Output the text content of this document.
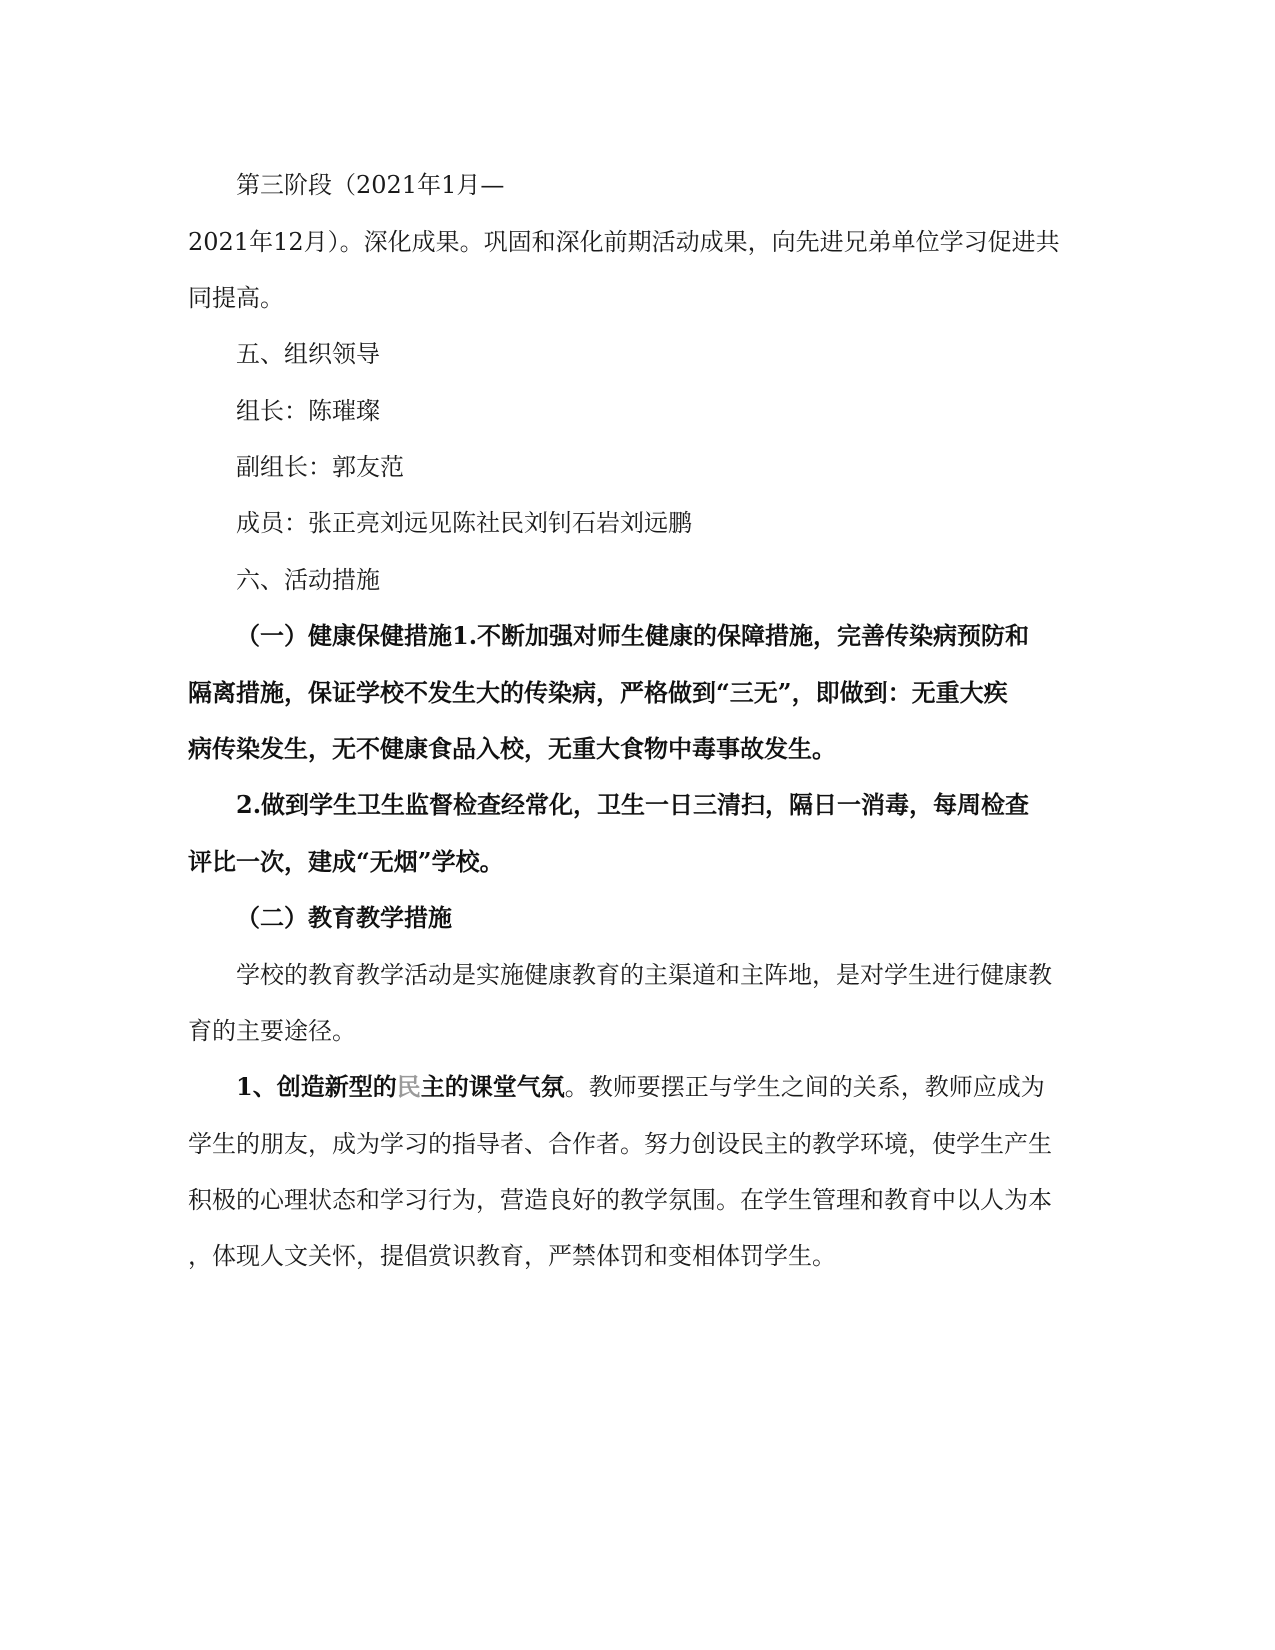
第三阶段（2021年1月—
2021年12月）。深化成果。巩固和深化前期活动成果，向先进兄弟单位学习促进共
同提高。
五、组织领导
组长：陈璀璨
副组长：郭友范
成员：张正亮刘远见陈社民刘钊石岩刘远鹏
六、活动措施
（一）健康保健措施1.不断加强对师生健康的保障措施，完善传染病预防和
隔离措施，保证学校不发生大的传染病，严格做到“三无”，即做到：无重大疾
病传染发生，无不健康食品入校，无重大食物中毒事故发生。
2.做到学生卫生监督检查经常化，卫生一日三清扫，隔日一消毒，每周检查
评比一次，建成“无烟”学校。
（二）教育教学措施
学校的教育教学活动是实施健康教育的主渠道和主阵地，是对学生进行健康教
育的主要途径。
1、创造新型的民主的课堂气氛。教师要摆正与学生之间的关系，教师应成为
学生的朋友，成为学习的指导者、合作者。努力创设民主的教学环境，使学生产生
积极的心理状态和学习行为，营造良好的教学氛围。在学生管理和教育中以人为本
，体现人文关怀，提倡赏识教育，严禁体罚和变相体罚学生。
